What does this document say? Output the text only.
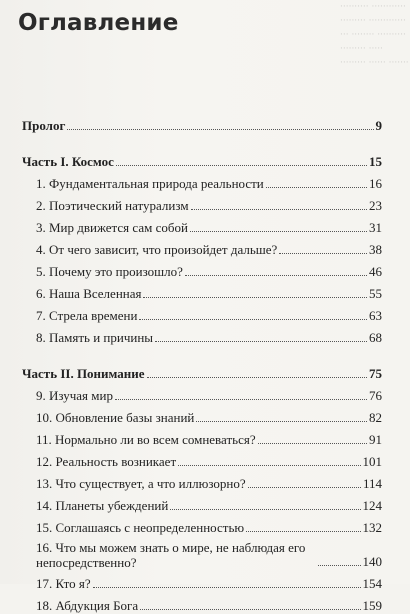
·········· ············
········· ·············
··· ········ ··········
········· ·····
········· ······ ·······
Оглавление
Пролог	9
Часть I. Космос	15
1. Фундаментальная природа реальности	16
2. Поэтический натурализм	23
3. Мир движется сам собой	31
4. От чего зависит, что произойдет дальше?	38
5. Почему это произошло?	46
6. Наша Вселенная	55
7. Стрела времени	63
8. Память и причины	68
Часть II. Понимание	75
9. Изучая мир	76
10. Обновление базы знаний	82
11. Нормально ли во всем сомневаться?	91
12. Реальность возникает	101
13. Что существует, а что иллюзорно?	114
14. Планеты убеждений	124
15. Соглашаясь с неопределенностью	132
16. Что мы можем знать о мире, не наблюдая его непосредственно?	140
17. Кто я?	154
18. Абдукция Бога	159
